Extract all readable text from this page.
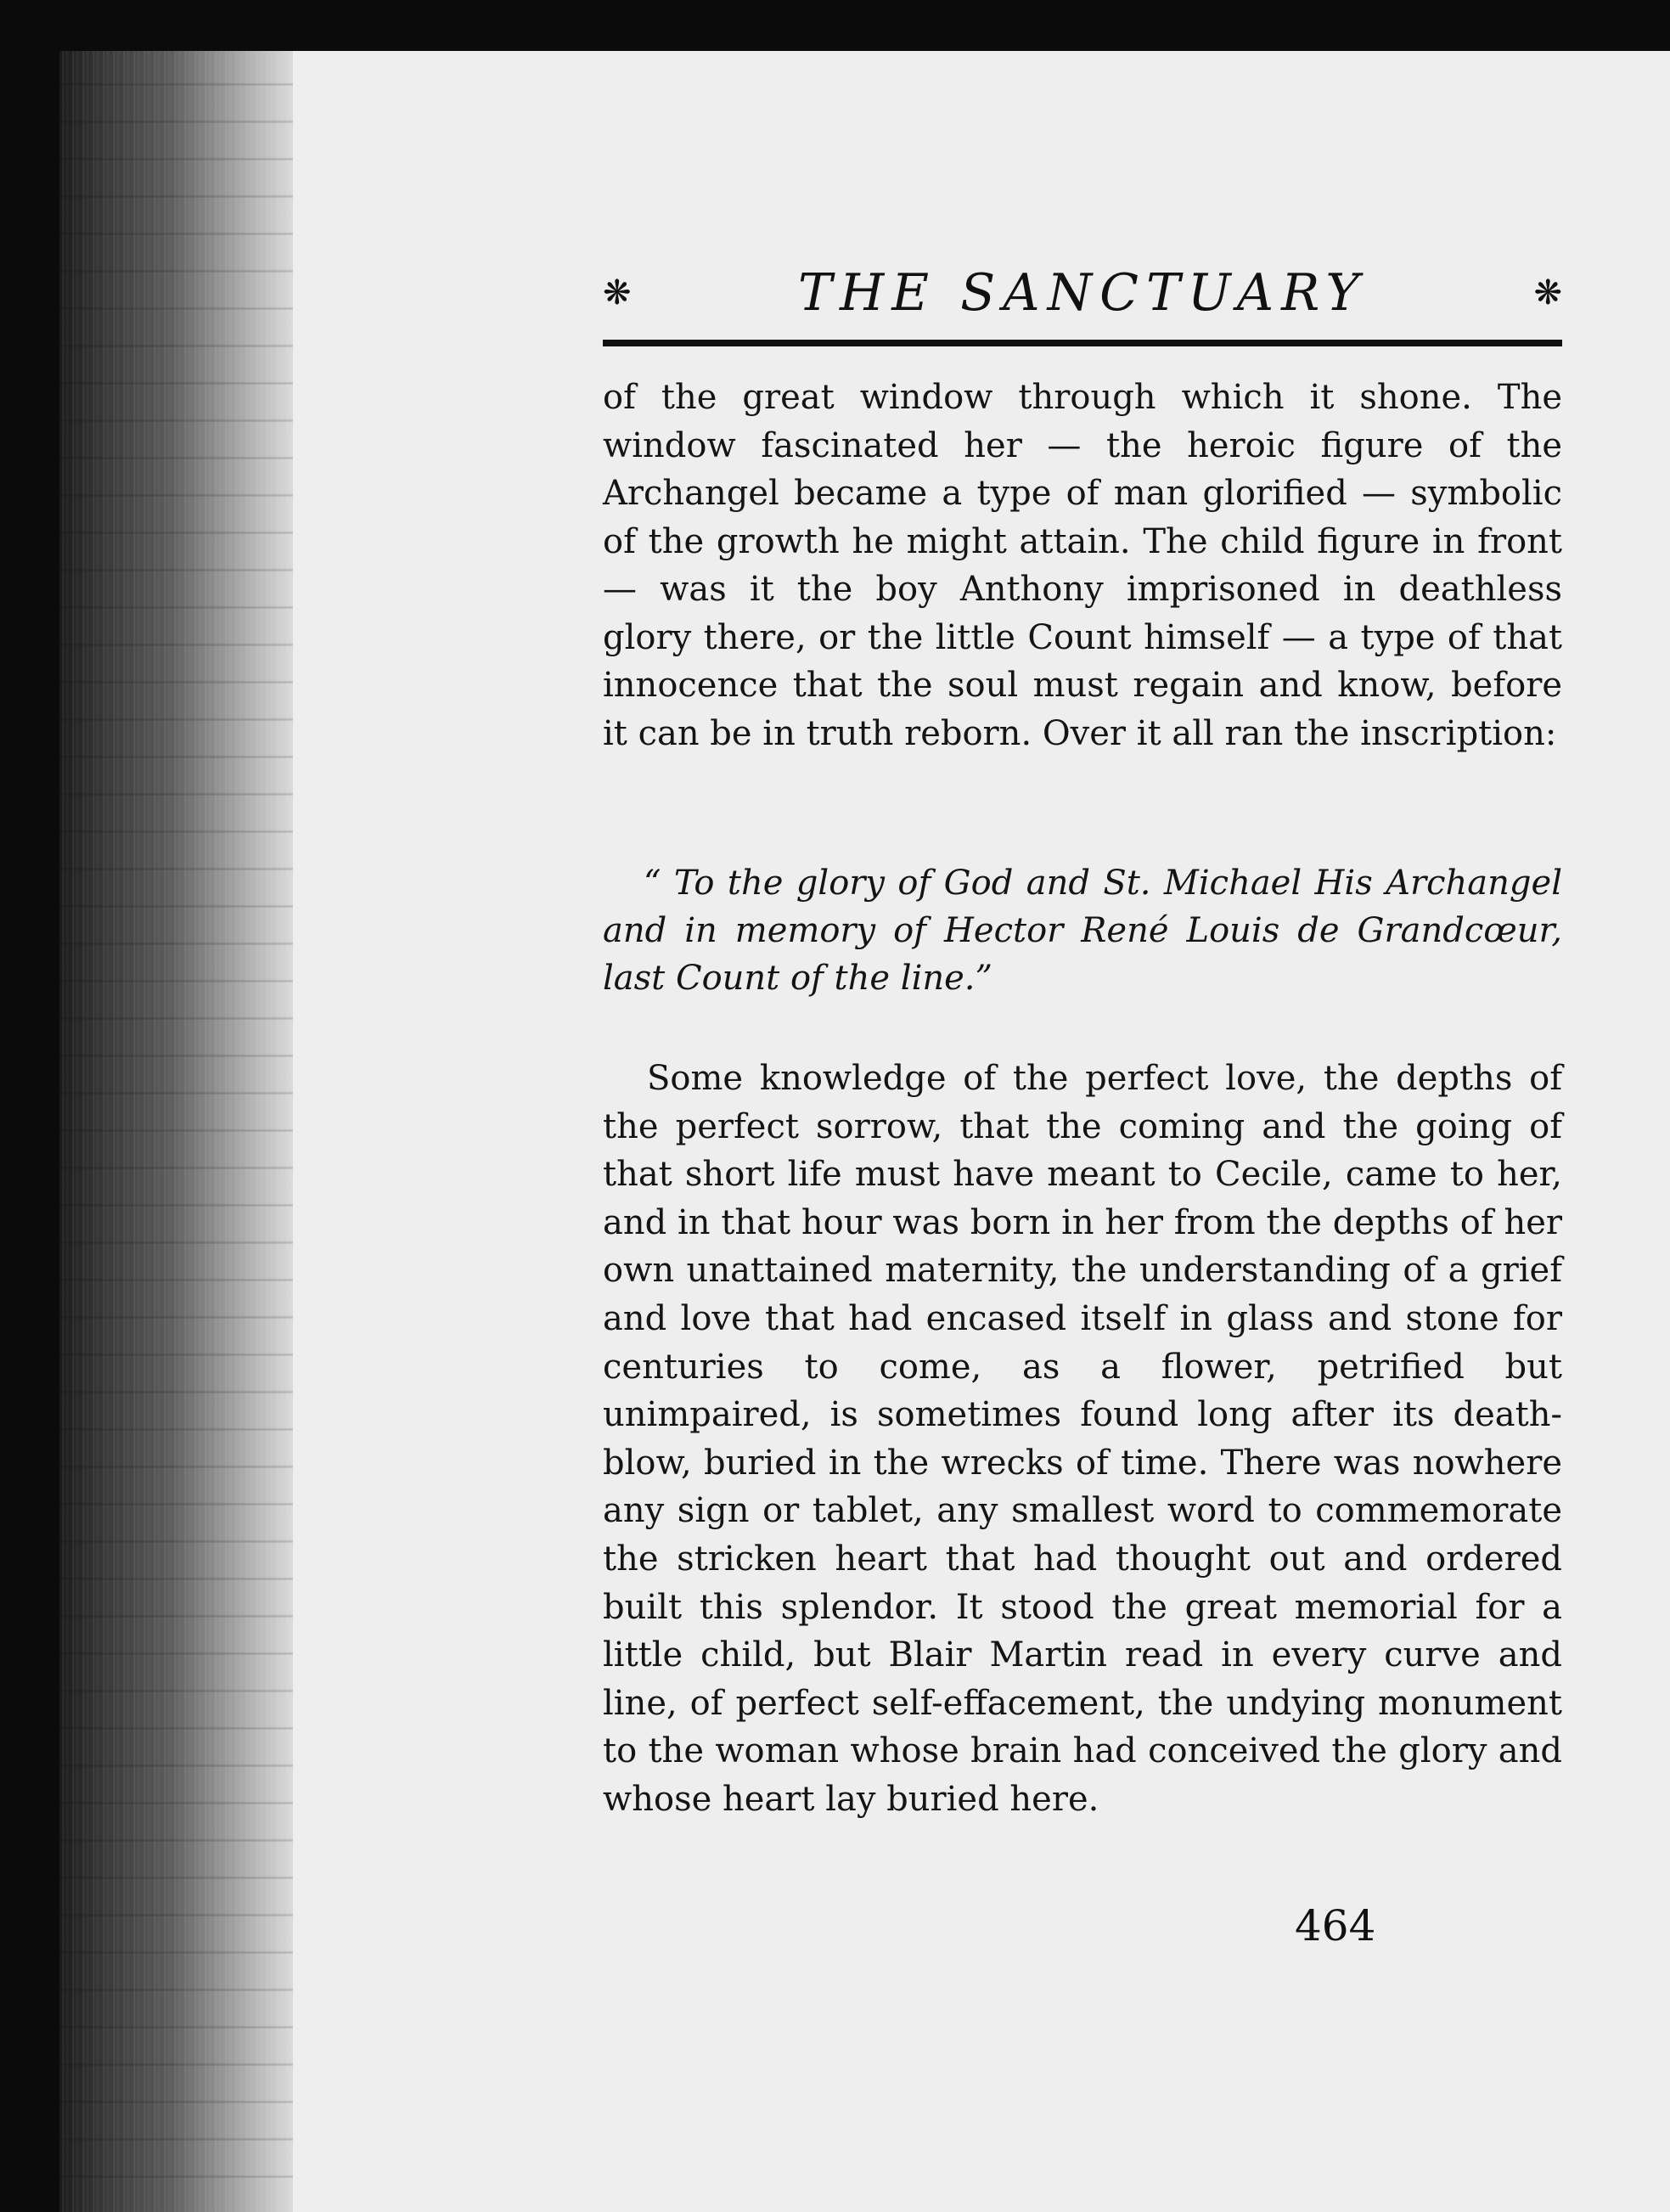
❋	THE SANCTUARY	❋

of the great window through which it shone. The window fascinated her — the heroic figure of the Archangel became a type of man glorified — symbolic of the growth he might attain. The child figure in front — was it the boy Anthony imprisoned in deathless glory there, or the little Count himself — a type of that innocence that the soul must regain and know, before it can be in truth reborn. Over it all ran the inscription:

“ To the glory of God and St. Michael His Archangel and in memory of Hector René Louis de Grandcœur, last Count of the line.”

Some knowledge of the perfect love, the depths of the perfect sorrow, that the coming and the going of that short life must have meant to Cecile, came to her, and in that hour was born in her from the depths of her own unattained maternity, the understanding of a grief and love that had encased itself in glass and stone for centuries to come, as a flower, petrified but unimpaired, is sometimes found long after its death-blow, buried in the wrecks of time. There was nowhere any sign or tablet, any smallest word to commemorate the stricken heart that had thought out and ordered built this splendor. It stood the great memorial for a little child, but Blair Martin read in every curve and line, of perfect self-effacement, the undying monument to the woman whose brain had conceived the glory and whose heart lay buried here.

464
